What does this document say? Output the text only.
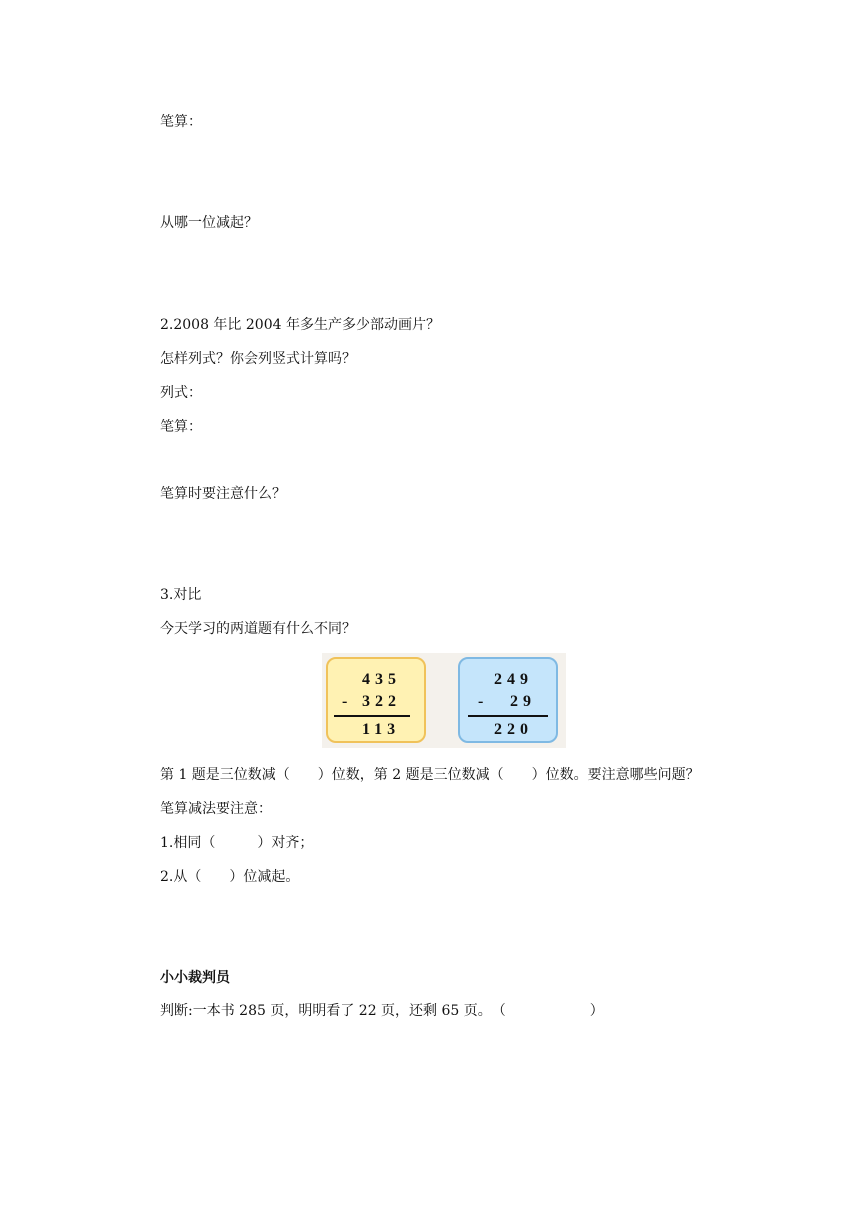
笔算：
从哪一位减起？
2.2008 年比 2004 年多生产多少部动画片？
怎样列式？你会列竖式计算吗？
列式：
笔算：
笔算时要注意什么？
3.对比
今天学习的两道题有什么不同？
435
- 322
113
249
- 29
220
第 1 题是三位数减（　　）位数，第 2 题是三位数减（　　）位数。要注意哪些问题？
笔算减法要注意：
1.相同（　　　）对齐；
2.从（　　）位减起。
小小裁判员
判断:一本书 285 页，明明看了 22 页，还剩 65 页。　（　　　　　　）
